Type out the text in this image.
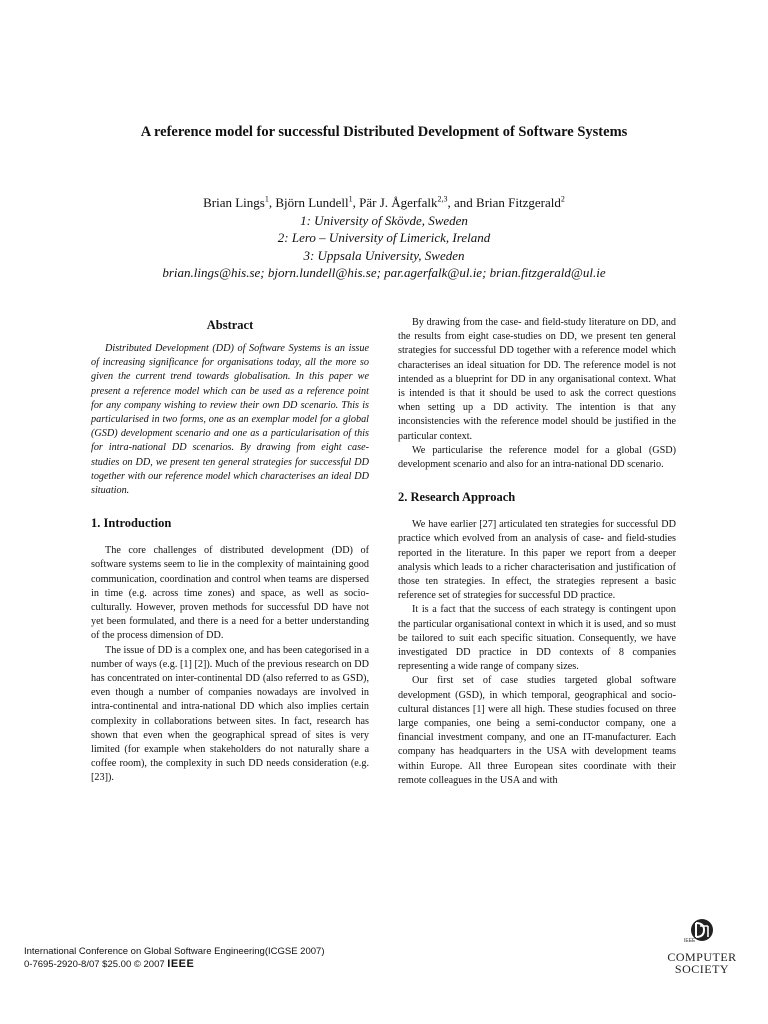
A reference model for successful Distributed Development of Software Systems
Brian Lings$^1$, Björn Lundell$^1$, Pär J. Ågerfalk$^{2,3}$, and Brian Fitzgerald$^2$
1: University of Skövde, Sweden
2: Lero – University of Limerick, Ireland
3: Uppsala University, Sweden
brian.lings@his.se; bjorn.lundell@his.se; par.agerfalk@ul.ie; brian.fitzgerald@ul.ie
Abstract

Distributed Development (DD) of Software Systems is an issue of increasing significance for organisations today, all the more so given the current trend towards globalisation. In this paper we present a reference model which can be used as a reference point for any company wishing to review their own DD scenario. This is particularised in two forms, one as an exemplar model for a global (GSD) development scenario and one as a particularisation of this for intra-national DD scenarios. By drawing from eight case-studies on DD, we present ten general strategies for successful DD together with our reference model which characterises an ideal DD situation.

1. Introduction

The core challenges of distributed development (DD) of software systems seem to lie in the complexity of maintaining good communication, coordination and control when teams are dispersed in time (e.g. across time zones) and space, as well as socio-culturally. However, proven methods for successful DD have not yet been formulated, and there is a need for a better understanding of the process dimension of DD.

The issue of DD is a complex one, and has been categorised in a number of ways (e.g. [1] [2]). Much of the previous research on DD has concentrated on inter-continental DD (also referred to as GSD), even though a number of companies nowadays are involved in intra-continental and intra-national DD which also implies certain complexity in collaborations between sites. In fact, research has shown that even when the geographical spread of sites is very limited (for example when stakeholders do not naturally share a coffee room), the complexity in such DD needs consideration (e.g. [23]).

By drawing from the case- and field-study literature on DD, and the results from eight case-studies on DD, we present ten general strategies for successful DD together with a reference model which characterises an ideal situation for DD. The reference model is not intended as a blueprint for DD in any organisational context. What is intended is that it should be used to ask the correct questions when setting up a DD activity. The intention is that any inconsistencies with the reference model should be justified in the particular context.

We particularise the reference model for a global (GSD) development scenario and also for an intra-national DD scenario.

2. Research Approach

We have earlier [27] articulated ten strategies for successful DD practice which evolved from an analysis of case- and field-studies reported in the literature. In this paper we report from a deeper analysis which leads to a richer characterisation and justification of those ten strategies. In effect, the strategies represent a basic reference set of strategies for successful DD practice.

It is a fact that the success of each strategy is contingent upon the particular organisational context in which it is used, and so must be tailored to suit each specific situation. Consequently, we have investigated DD practice in DD contexts of 8 companies representing a wide range of company sizes.

Our first set of case studies targeted global software development (GSD), in which temporal, geographical and socio-cultural distances [1] were all high. These studies focused on three large companies, one being a semi-conductor company, one a financial investment company, and one an IT-manufacturer. Each company has headquarters in the USA with development teams within Europe. All three European sites coordinate with their remote colleagues in the USA and with

International Conference on Global Software Engineering(ICGSE 2007)
0-7695-2920-8/07 $25.00 © 2007 IEEE
IEEE
COMPUTER
SOCIETY
